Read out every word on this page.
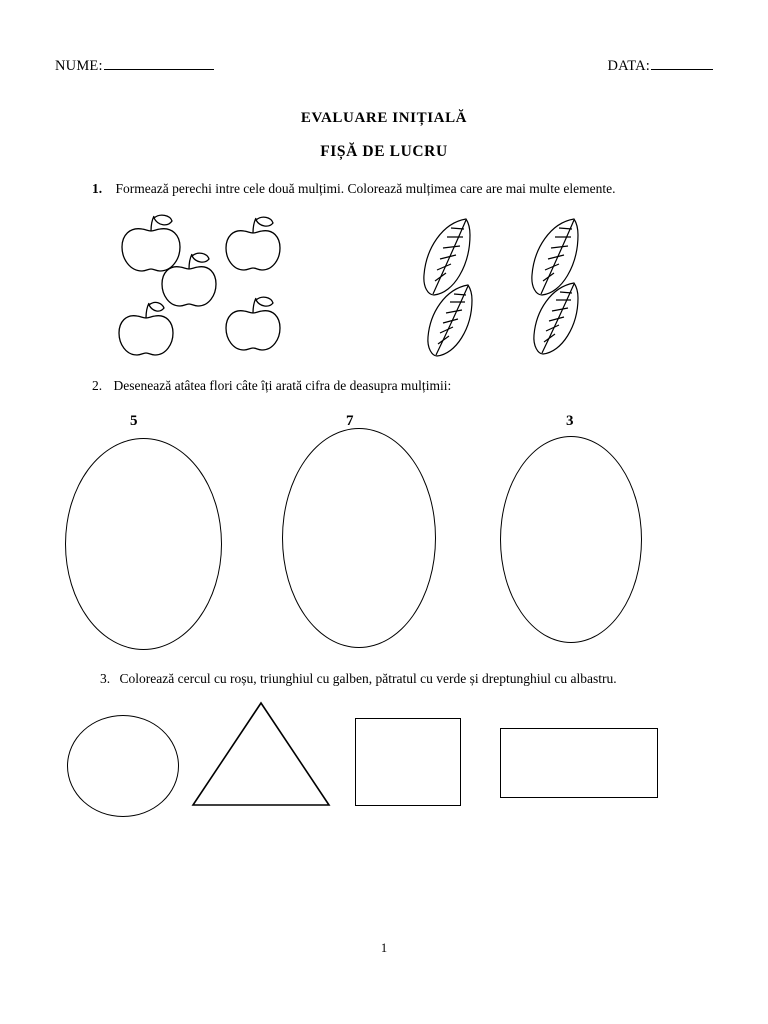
NUME:	DATA:
EVALUARE INIȚIALĂ
FIȘĂ DE LUCRU
1. Formează perechi intre cele două mulțimi. Colorează mulțimea care are mai multe elemente.
2. Desenează atâtea flori câte îți arată cifra de deasupra mulțimii:
5	7	3
3. Colorează cercul cu roșu, triunghiul cu galben, pătratul cu verde și dreptunghiul cu albastru.
1
